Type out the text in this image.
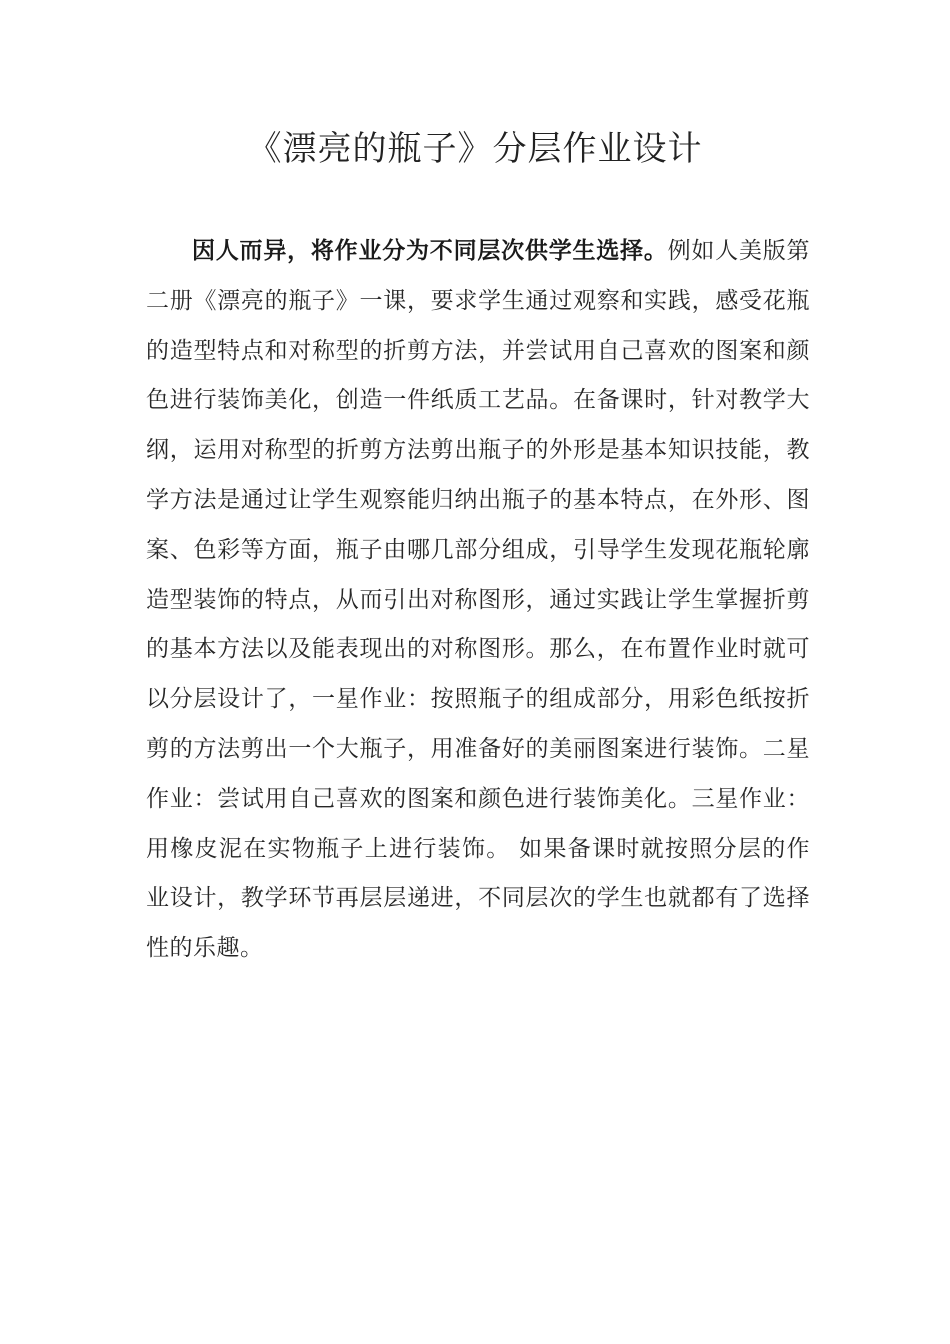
《漂亮的瓶子》分层作业设计

因人而异，将作业分为不同层次供学生选择。例如人美版第二册《漂亮的瓶子》一课，要求学生通过观察和实践，感受花瓶的造型特点和对称型的折剪方法，并尝试用自己喜欢的图案和颜色进行装饰美化，创造一件纸质工艺品。在备课时，针对教学大纲，运用对称型的折剪方法剪出瓶子的外形是基本知识技能，教学方法是通过让学生观察能归纳出瓶子的基本特点，在外形、图案、色彩等方面，瓶子由哪几部分组成，引导学生发现花瓶轮廓造型装饰的特点，从而引出对称图形，通过实践让学生掌握折剪的基本方法以及能表现出的对称图形。那么，在布置作业时就可以分层设计了，一星作业：按照瓶子的组成部分，用彩色纸按折剪的方法剪出一个大瓶子，用准备好的美丽图案进行装饰。二星作业：尝试用自己喜欢的图案和颜色进行装饰美化。三星作业：用橡皮泥在实物瓶子上进行装饰。 如果备课时就按照分层的作业设计，教学环节再层层递进，不同层次的学生也就都有了选择性的乐趣。
